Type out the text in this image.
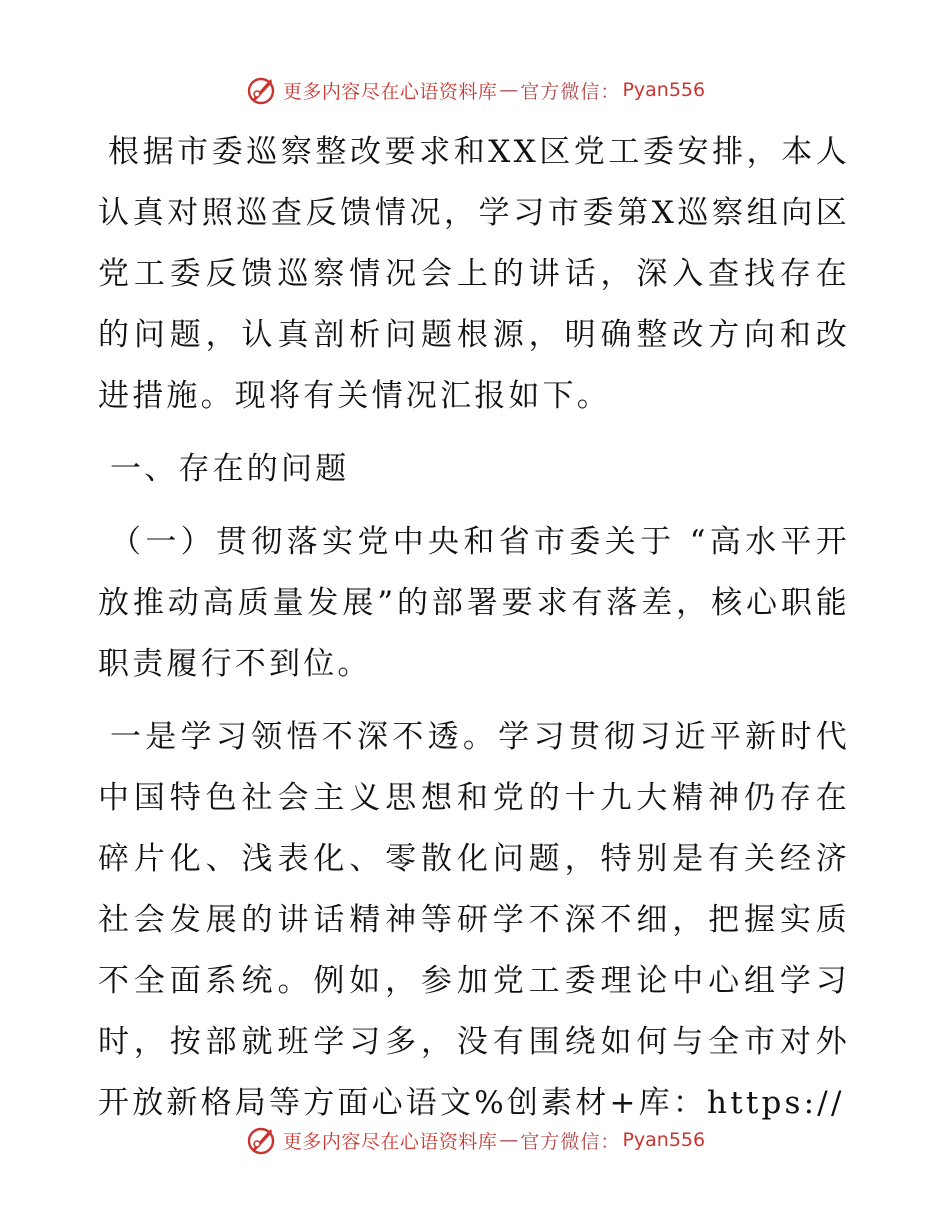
更多内容尽在心语资料库 — 官方微信： Pyan556

根据市委巡察整改要求和XX区党工委安排，本人认真对照巡查反馈情况，学习市委第X巡察组向区党工委反馈巡察情况会上的讲话，深入查找存在的问题，认真剖析问题根源，明确整改方向和改进措施。现将有关情况汇报如下。

一、存在的问题

（一）贯彻落实党中央和省市委关于 “高水平开放推动高质量发展”的部署要求有落差，核心职能职责履行不到位。

一是学习领悟不深不透。学习贯彻习近平新时代中国特色社会主义思想和党的十九大精神仍存在碎片化、浅表化、零散化问题，特别是有关经济社会发展的讲话精神等研学不深不细，把握实质不全面系统。例如，参加党工委理论中心组学习时，按部就班学习多，没有围绕如何与全市对外开放新格局等方面心语文%创素材+库：https://

更多内容尽在心语资料库 — 官方微信： Pyan556
